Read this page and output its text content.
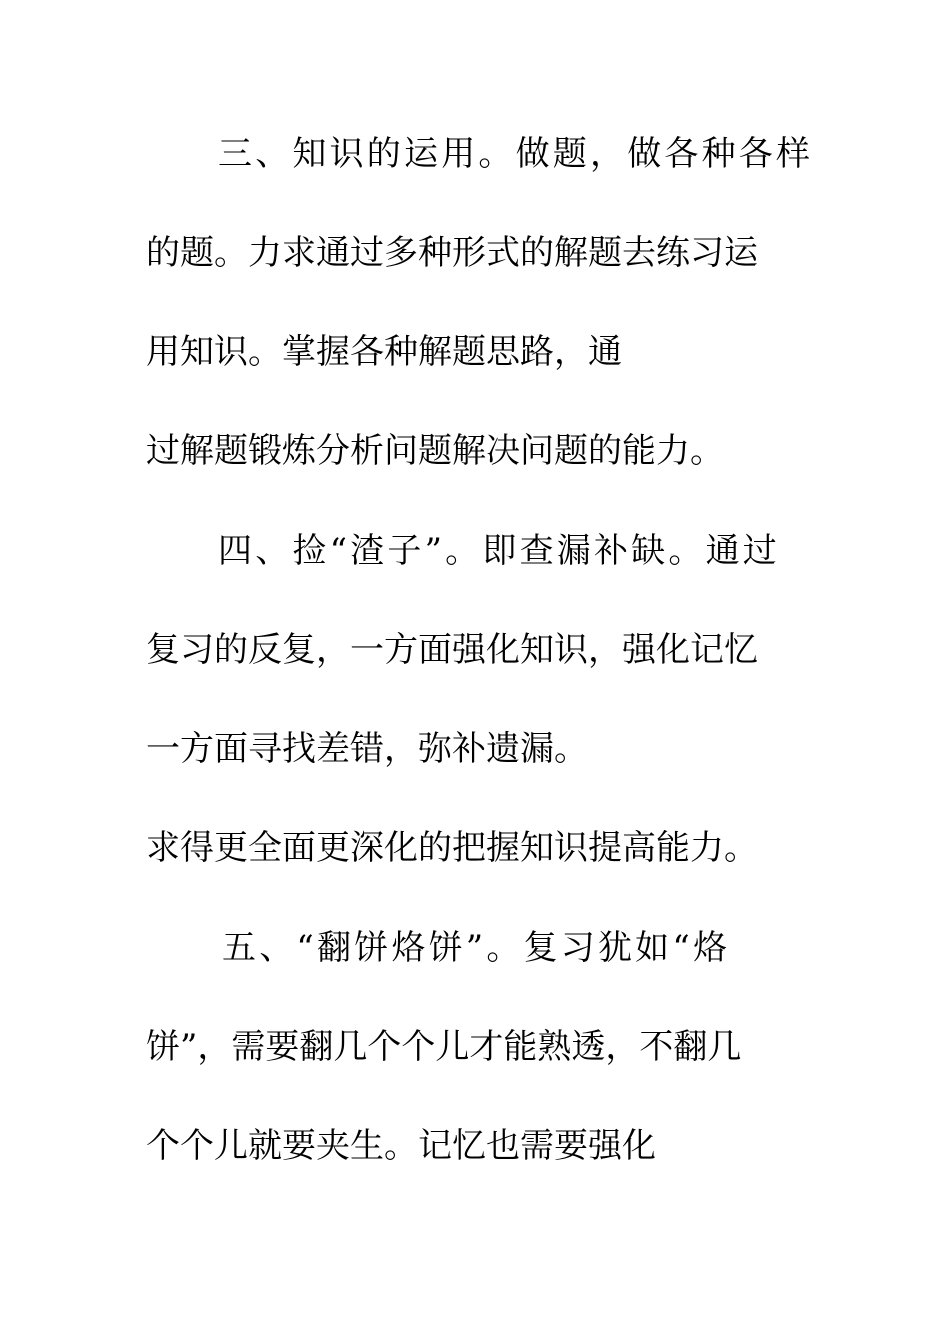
三、知识的运用。做题，做各种各样
的题。力求通过多种形式的解题去练习运
用知识。掌握各种解题思路，通
过解题锻炼分析问题解决问题的能力。
四、捡“渣子”。即查漏补缺。通过
复习的反复，一方面强化知识，强化记忆
一方面寻找差错，弥补遗漏。
求得更全面更深化的把握知识提高能力。
五、“翻饼烙饼”。复习犹如“烙
饼”，需要翻几个个儿才能熟透，不翻几
个个儿就要夹生。记忆也需要强化
